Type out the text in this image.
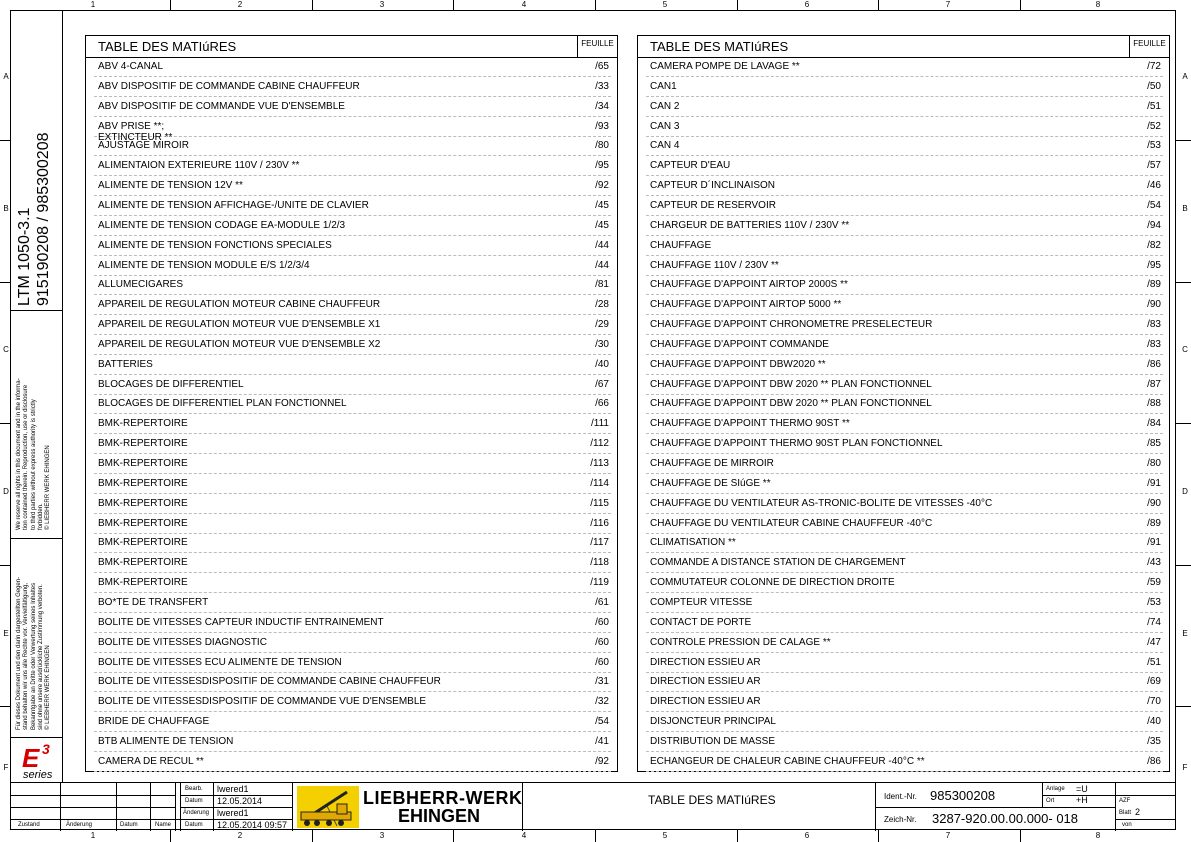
1	2	3	4	5	6	7	8
1	2	3	4	5	6	7	8
A
B
C
D
E
F
A
B
C
D
E
F
LTM 1050-3.1 915190208 / 985300208
We reserve all rights in this document and in the informa- tion contained therein. Reproduction, use or disclosure to third parties without express authority is strictly forbidden. © LIEBHERR WERK EHINGEN
Für dieses Dokument und den darin dargestellten Gegen- stand behalten wir uns alle Rechte vor. Vervielfältigung, Bekanntgabe an Dritte oder Verwertung seines Inhaltes sind ohne unsere ausdrückliche Zustimmung verboten. © LIEBHERR WERK EHINGEN
E 3
series
TABLE DES MATIúRES	FEUILLE
ABV 4-CANAL	/65
ABV DISPOSITIF DE COMMANDE CABINE CHAUFFEUR	/33
ABV DISPOSITIF DE COMMANDE VUE D'ENSEMBLE	/34
ABV PRISE **;	/93
EXTINCTEUR **
AJUSTAGE MIROIR	/80
ALIMENTAION EXTERIEURE 110V / 230V **	/95
ALIMENTE DE TENSION 12V **	/92
ALIMENTE DE TENSION AFFICHAGE-/UNITE DE CLAVIER	/45
ALIMENTE DE TENSION CODAGE EA-MODULE 1/2/3	/45
ALIMENTE DE TENSION FONCTIONS SPECIALES	/44
ALIMENTE DE TENSION MODULE E/S 1/2/3/4	/44
ALLUMECIGARES	/81
APPAREIL DE REGULATION MOTEUR CABINE CHAUFFEUR	/28
APPAREIL DE REGULATION MOTEUR VUE D'ENSEMBLE X1	/29
APPAREIL DE REGULATION MOTEUR VUE D'ENSEMBLE X2	/30
BATTERIES	/40
BLOCAGES DE DIFFERENTIEL	/67
BLOCAGES DE DIFFERENTIEL PLAN FONCTIONNEL	/66
BMK-REPERTOIRE	/111
BMK-REPERTOIRE	/112
BMK-REPERTOIRE	/113
BMK-REPERTOIRE	/114
BMK-REPERTOIRE	/115
BMK-REPERTOIRE	/116
BMK-REPERTOIRE	/117
BMK-REPERTOIRE	/118
BMK-REPERTOIRE	/119
BO*TE DE TRANSFERT	/61
BOLITE DE VITESSES CAPTEUR INDUCTIF ENTRAINEMENT	/60
BOLITE DE VITESSES DIAGNOSTIC	/60
BOLITE DE VITESSES ECU ALIMENTE DE TENSION	/60
BOLITE DE VITESSESDISPOSITIF DE COMMANDE CABINE CHAUFFEUR	/31
BOLITE DE VITESSESDISPOSITIF DE COMMANDE VUE D'ENSEMBLE	/32
BRIDE DE CHAUFFAGE	/54
BTB ALIMENTE DE TENSION	/41
CAMERA DE RECUL **	/92
TABLE DES MATIúRES	FEUILLE
CAMERA POMPE DE LAVAGE **	/72
CAN1	/50
CAN 2	/51
CAN 3	/52
CAN 4	/53
CAPTEUR D'EAU	/57
CAPTEUR D´INCLINAISON	/46
CAPTEUR DE RESERVOIR	/54
CHARGEUR DE BATTERIES 110V / 230V **	/94
CHAUFFAGE	/82
CHAUFFAGE 110V / 230V **	/95
CHAUFFAGE D'APPOINT AIRTOP 2000S **	/89
CHAUFFAGE D'APPOINT AIRTOP 5000 **	/90
CHAUFFAGE D'APPOINT CHRONOMETRE PRESELECTEUR	/83
CHAUFFAGE D'APPOINT COMMANDE	/83
CHAUFFAGE D'APPOINT DBW2020 **	/86
CHAUFFAGE D'APPOINT DBW 2020 ** PLAN FONCTIONNEL	/87
CHAUFFAGE D'APPOINT DBW 2020 ** PLAN FONCTIONNEL	/88
CHAUFFAGE D'APPOINT THERMO 90ST **	/84
CHAUFFAGE D'APPOINT THERMO 90ST PLAN FONCTIONNEL	/85
CHAUFFAGE DE MIRROIR	/80
CHAUFFAGE DE SIúGE **	/91
CHAUFFAGE DU VENTILATEUR AS-TRONIC-BOLITE DE VITESSES -40°C	/90
CHAUFFAGE DU VENTILATEUR CABINE CHAUFFEUR -40°C	/89
CLIMATISATION **	/91
COMMANDE A DISTANCE STATION DE CHARGEMENT	/43
COMMUTATEUR COLONNE DE DIRECTION DROITE	/59
COMPTEUR VITESSE	/53
CONTACT DE PORTE	/74
CONTROLE PRESSION DE CALAGE **	/47
DIRECTION ESSIEU AR	/51
DIRECTION ESSIEU AR	/69
DIRECTION ESSIEU AR	/70
DISJONCTEUR PRINCIPAL	/40
DISTRIBUTION DE MASSE	/35
ECHANGEUR DE CHALEUR CABINE CHAUFFEUR -40°C **	/86
Zustand	Änderung	Datum	Name
Bearb. lwered1
Datum 12.05.2014
Änderung lwered1
Datum 12.05.2014 09:57
LIEBHERR-WERK
EHINGEN
TABLE DES MATIúRES	Ident.-Nr. 985300208
Zeich-Nr. 3287-920.00.00.000- 018
Anlage =U
Ort +H	AZF
Blatt 2
von
